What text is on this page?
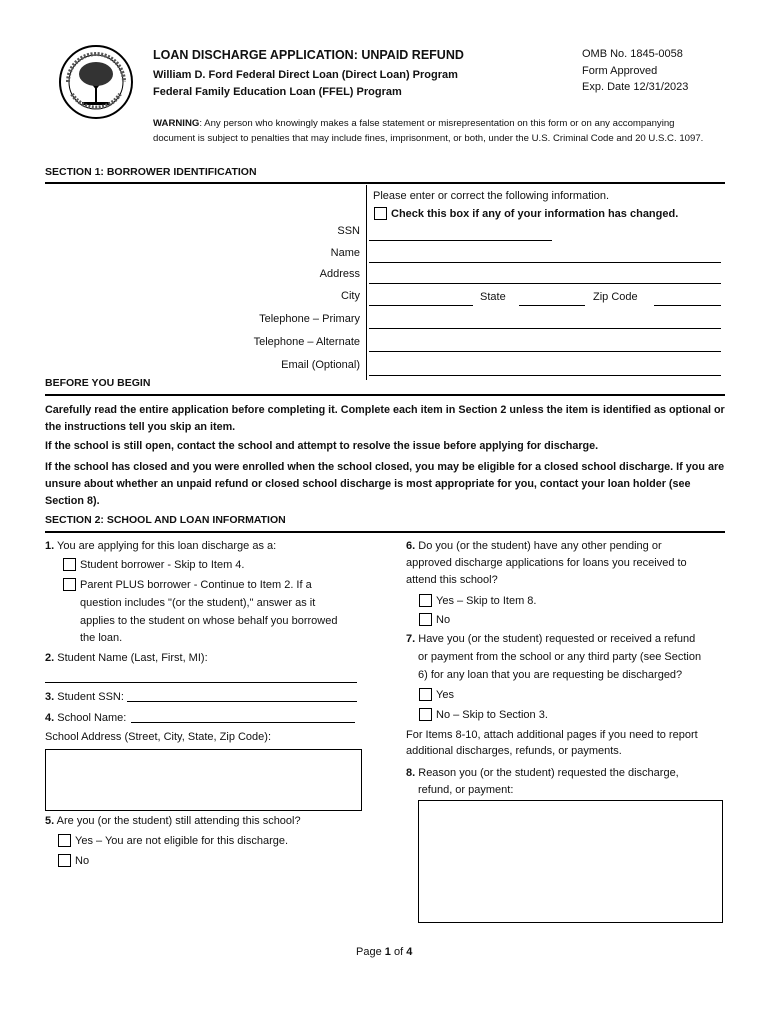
LOAN DISCHARGE APPLICATION: UNPAID REFUND
William D. Ford Federal Direct Loan (Direct Loan) Program
Federal Family Education Loan (FFEL) Program
OMB No. 1845-0058
Form Approved
Exp. Date 12/31/2023
WARNING: Any person who knowingly makes a false statement or misrepresentation on this form or on any accompanying document is subject to penalties that may include fines, imprisonment, or both, under the U.S. Criminal Code and 20 U.S.C. 1097.
SECTION 1: BORROWER IDENTIFICATION
Please enter or correct the following information.
Check this box if any of your information has changed.
SSN
Name
Address
City	State	Zip Code
Telephone – Primary
Telephone – Alternate
Email (Optional)
BEFORE YOU BEGIN
Carefully read the entire application before completing it. Complete each item in Section 2 unless the item is identified as optional or the instructions tell you skip an item.
If the school is still open, contact the school and attempt to resolve the issue before applying for discharge.
If the school has closed and you were enrolled when the school closed, you may be eligible for a closed school discharge. If you are unsure about whether an unpaid refund or closed school discharge is most appropriate for you, contact your loan holder (see Section 8).
SECTION 2: SCHOOL AND LOAN INFORMATION
1. You are applying for this loan discharge as a:
Student borrower - Skip to Item 4.
Parent PLUS borrower - Continue to Item 2. If a
question includes "(or the student)," answer as it
applies to the student on whose behalf you borrowed
the loan.
2. Student Name (Last, First, MI):
3. Student SSN:
4. School Name:
School Address (Street, City, State, Zip Code):
5. Are you (or the student) still attending this school?
Yes – You are not eligible for this discharge.
No
6. Do you (or the student) have any other pending or
approved discharge applications for loans you received to
attend this school?
Yes – Skip to Item 8.
No
7. Have you (or the student) requested or received a refund
or payment from the school or any third party (see Section
6) for any loan that you are requesting be discharged?
Yes
No – Skip to Section 3.
For Items 8-10, attach additional pages if you need to report
additional discharges, refunds, or payments.
8. Reason you (or the student) requested the discharge,
refund, or payment:
Page 1 of 4
